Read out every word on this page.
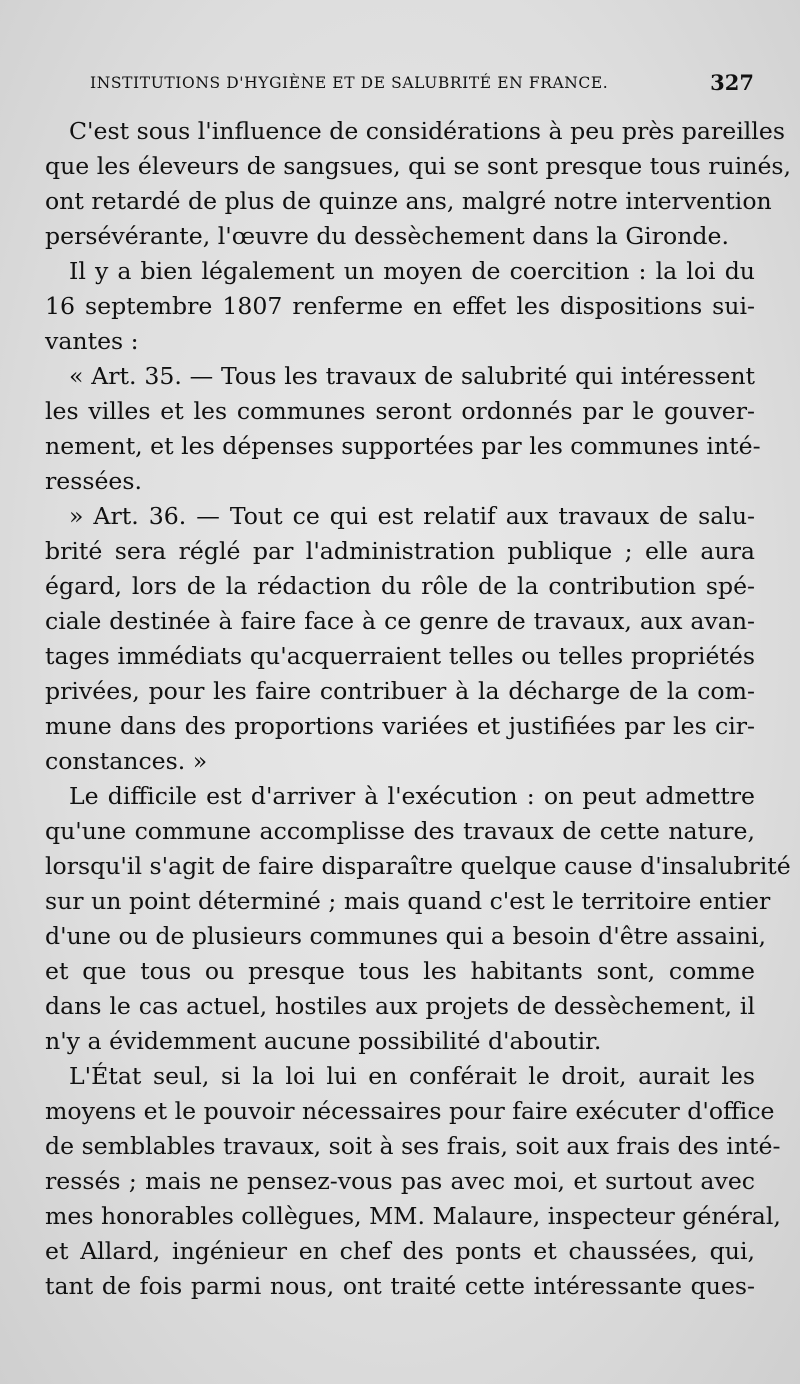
INSTITUTIONS D'HYGIÈNE ET DE SALUBRITÉ EN FRANCE.	327
C'est sous l'influence de considérations à peu près pareilles
que les éleveurs de sangsues, qui se sont presque tous ruinés,
ont retardé de plus de quinze ans, malgré notre intervention
persévérante, l'œuvre du dessèchement dans la Gironde.
Il y a bien légalement un moyen de coercition : la loi du
16 septembre 1807 renferme en effet les dispositions sui-
vantes :
« Art. 35. — Tous les travaux de salubrité qui intéressent
les villes et les communes seront ordonnés par le gouver-
nement, et les dépenses supportées par les communes inté-
ressées.
» Art. 36. — Tout ce qui est relatif aux travaux de salu-
brité sera réglé par l'administration publique ; elle aura
égard, lors de la rédaction du rôle de la contribution spé-
ciale destinée à faire face à ce genre de travaux, aux avan-
tages immédiats qu'acquerraient telles ou telles propriétés
privées, pour les faire contribuer à la décharge de la com-
mune dans des proportions variées et justifiées par les cir-
constances. »
Le difficile est d'arriver à l'exécution : on peut admettre
qu'une commune accomplisse des travaux de cette nature,
lorsqu'il s'agit de faire disparaître quelque cause d'insalubrité
sur un point déterminé ; mais quand c'est le territoire entier
d'une ou de plusieurs communes qui a besoin d'être assaini,
et que tous ou presque tous les habitants sont, comme
dans le cas actuel, hostiles aux projets de dessèchement, il
n'y a évidemment aucune possibilité d'aboutir.
L'État seul, si la loi lui en conférait le droit, aurait les
moyens et le pouvoir nécessaires pour faire exécuter d'office
de semblables travaux, soit à ses frais, soit aux frais des inté-
ressés ; mais ne pensez-vous pas avec moi, et surtout avec
mes honorables collègues, MM. Malaure, inspecteur général,
et Allard, ingénieur en chef des ponts et chaussées, qui,
tant de fois parmi nous, ont traité cette intéressante ques-
